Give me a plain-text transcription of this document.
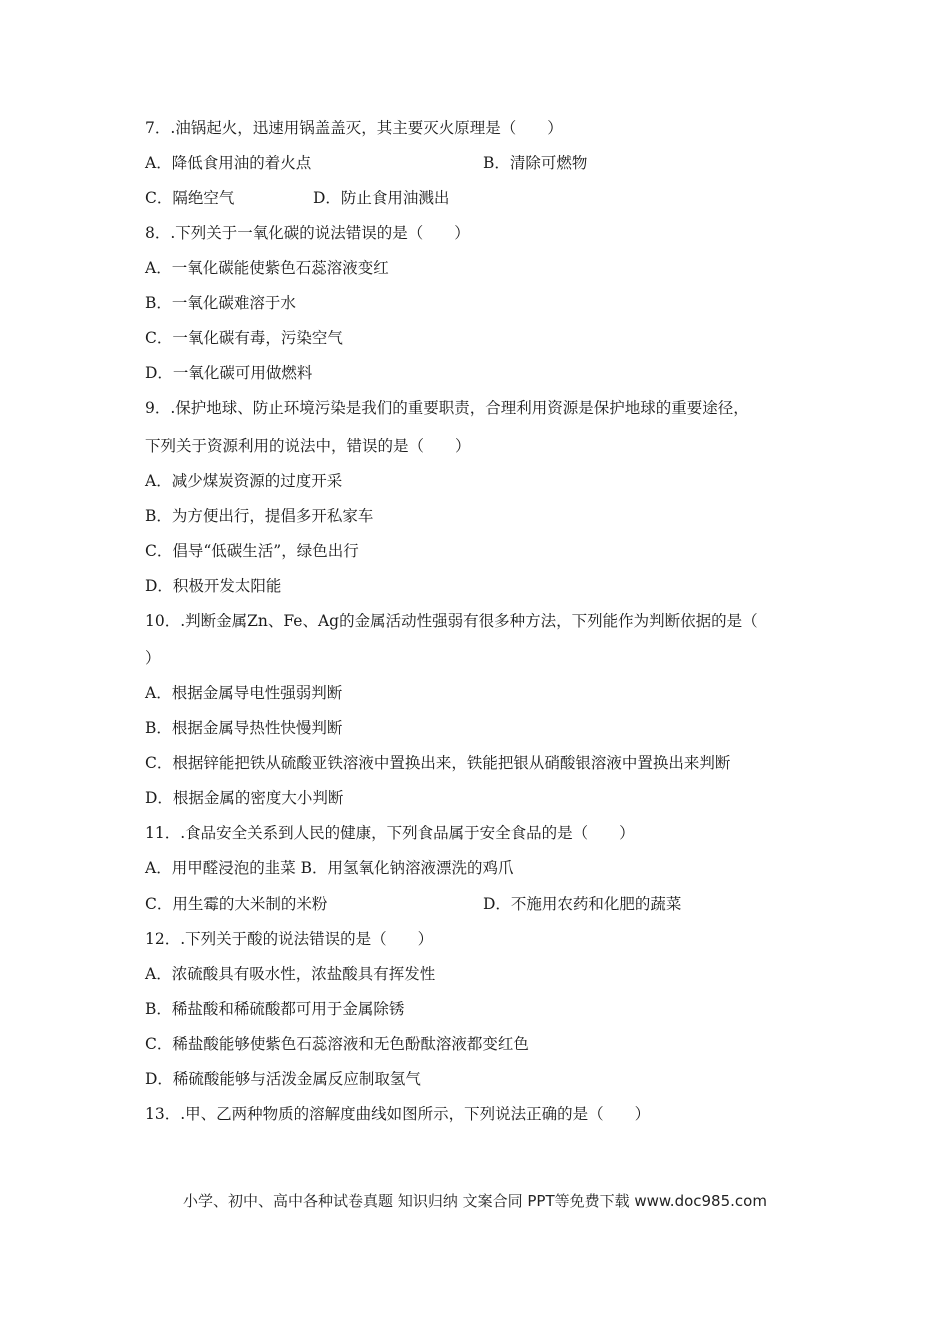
7．.油锅起火，迅速用锅盖盖灭，其主要灭火原理是（　　）
A．降低食用油的着火点	B．清除可燃物
C．隔绝空气	D．防止食用油溅出
8．.下列关于一氧化碳的说法错误的是（　　）
A．一氧化碳能使紫色石蕊溶液变红
B．一氧化碳难溶于水
C．一氧化碳有毒，污染空气
D．一氧化碳可用做燃料
9．.保护地球、防止环境污染是我们的重要职责，合理利用资源是保护地球的重要途径，
下列关于资源利用的说法中，错误的是（　　）
A．减少煤炭资源的过度开采
B．为方便出行，提倡多开私家车
C．倡导“低碳生活”，绿色出行
D．积极开发太阳能
10．.判断金属Zn、Fe、Ag的金属活动性强弱有很多种方法，下列能作为判断依据的是（
）
A．根据金属导电性强弱判断
B．根据金属导热性快慢判断
C．根据锌能把铁从硫酸亚铁溶液中置换出来，铁能把银从硝酸银溶液中置换出来判断
D．根据金属的密度大小判断
11．.食品安全关系到人民的健康，下列食品属于安全食品的是（　　）
A．用甲醛浸泡的韭菜 B．用氢氧化钠溶液漂洗的鸡爪
C．用生霉的大米制的米粉	D．不施用农药和化肥的蔬菜
12．.下列关于酸的说法错误的是（　　）
A．浓硫酸具有吸水性，浓盐酸具有挥发性
B．稀盐酸和稀硫酸都可用于金属除锈
C．稀盐酸能够使紫色石蕊溶液和无色酚酞溶液都变红色
D．稀硫酸能够与活泼金属反应制取氢气
13．.甲、乙两种物质的溶解度曲线如图所示，下列说法正确的是（　　）
小学、初中、高中各种试卷真题 知识归纳 文案合同 PPT等免费下载 www.doc985.com
